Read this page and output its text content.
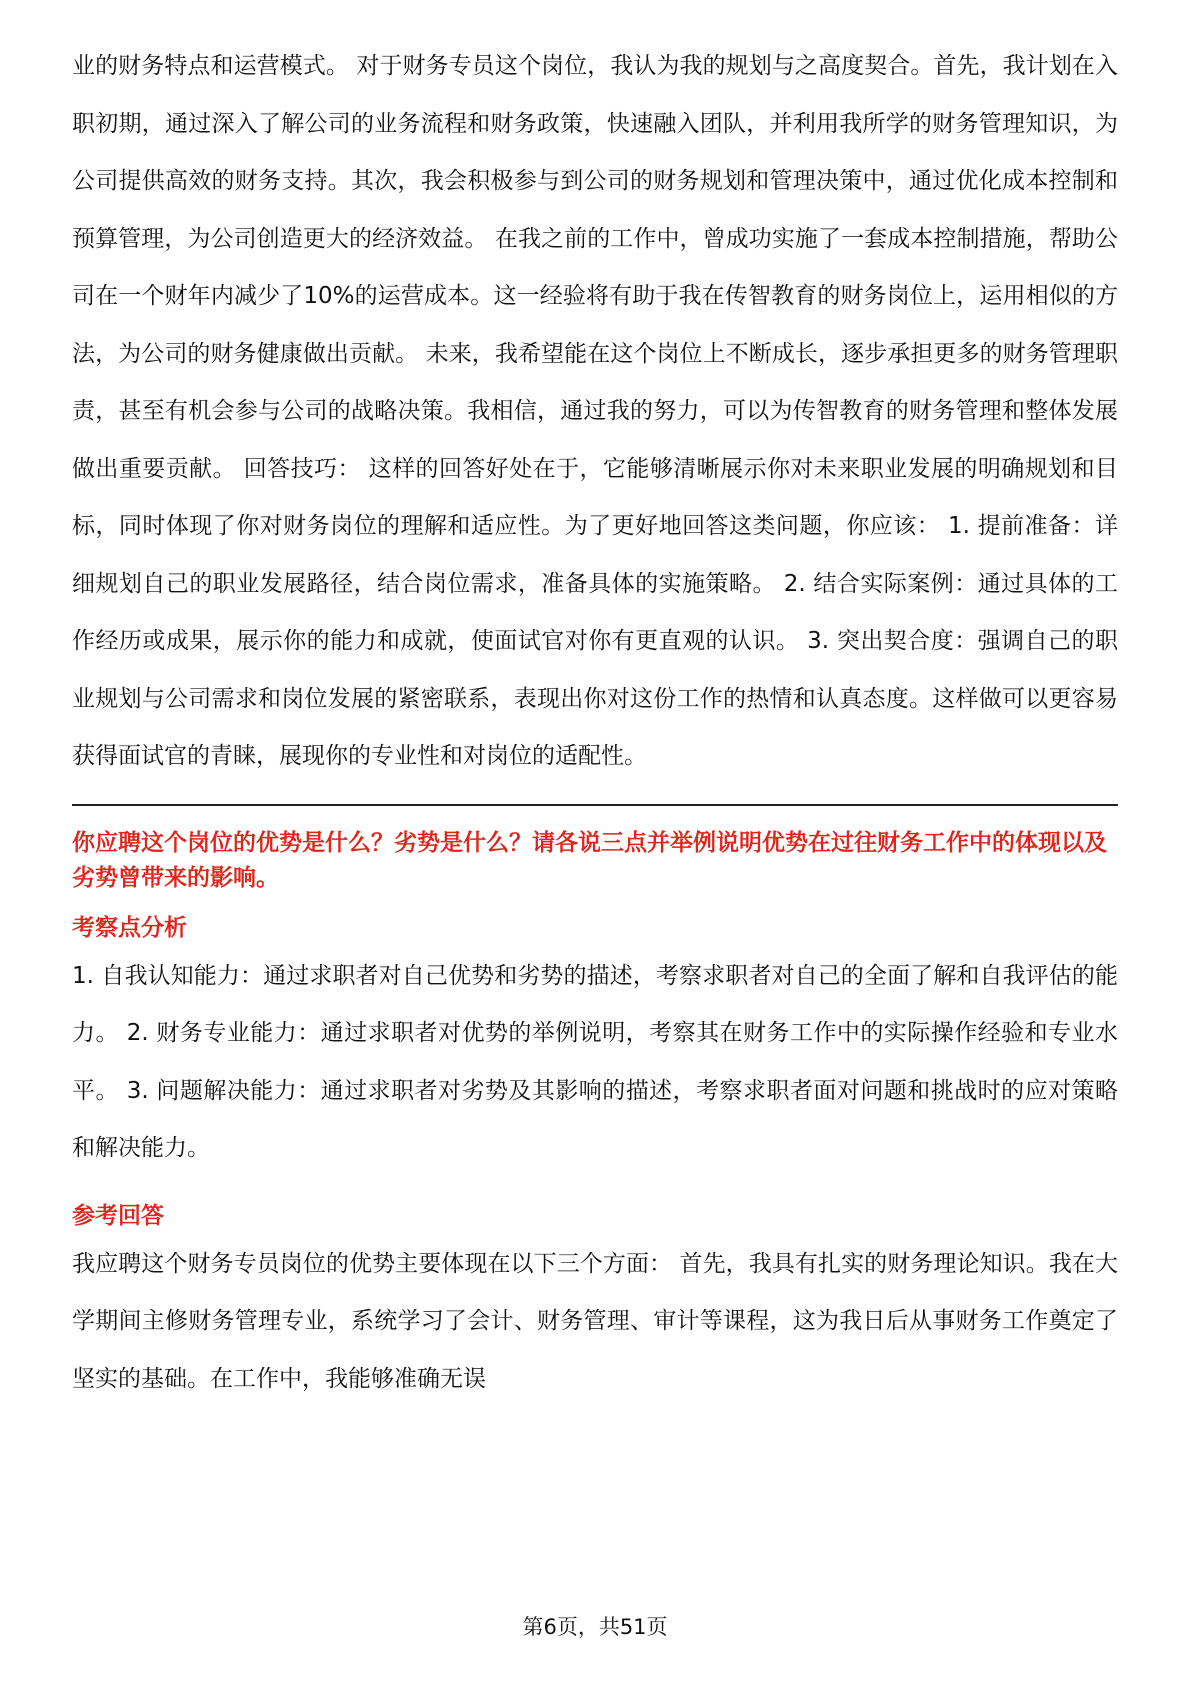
业的财务特点和运营模式。 对于财务专员这个岗位，我认为我的规划与之高度契合。首先，我计划在入职初期，通过深入了解公司的业务流程和财务政策，快速融入团队，并利用我所学的财务管理知识，为公司提供高效的财务支持。其次，我会积极参与到公司的财务规划和管理决策中，通过优化成本控制和预算管理，为公司创造更大的经济效益。 在我之前的工作中，曾成功实施了一套成本控制措施，帮助公司在一个财年内减少了10%的运营成本。这一经验将有助于我在传智教育的财务岗位上，运用相似的方法，为公司的财务健康做出贡献。 未来，我希望能在这个岗位上不断成长，逐步承担更多的财务管理职责，甚至有机会参与公司的战略决策。我相信，通过我的努力，可以为传智教育的财务管理和整体发展做出重要贡献。 回答技巧： 这样的回答好处在于，它能够清晰展示你对未来职业发展的明确规划和目标，同时体现了你对财务岗位的理解和适应性。为了更好地回答这类问题，你应该： 1. 提前准备：详细规划自己的职业发展路径，结合岗位需求，准备具体的实施策略。 2. 结合实际案例：通过具体的工作经历或成果，展示你的能力和成就，使面试官对你有更直观的认识。 3. 突出契合度：强调自己的职业规划与公司需求和岗位发展的紧密联系，表现出你对这份工作的热情和认真态度。这样做可以更容易获得面试官的青睐，展现你的专业性和对岗位的适配性。

你应聘这个岗位的优势是什么？劣势是什么？请各说三点并举例说明优势在过往财务工作中的体现以及劣势曾带来的影响。

考察点分析

1. 自我认知能力：通过求职者对自己优势和劣势的描述，考察求职者对自己的全面了解和自我评估的能力。 2. 财务专业能力：通过求职者对优势的举例说明，考察其在财务工作中的实际操作经验和专业水平。 3. 问题解决能力：通过求职者对劣势及其影响的描述，考察求职者面对问题和挑战时的应对策略和解决能力。

参考回答

我应聘这个财务专员岗位的优势主要体现在以下三个方面： 首先，我具有扎实的财务理论知识。我在大学期间主修财务管理专业，系统学习了会计、财务管理、审计等课程，这为我日后从事财务工作奠定了坚实的基础。在工作中，我能够准确无误

第6页，共51页
